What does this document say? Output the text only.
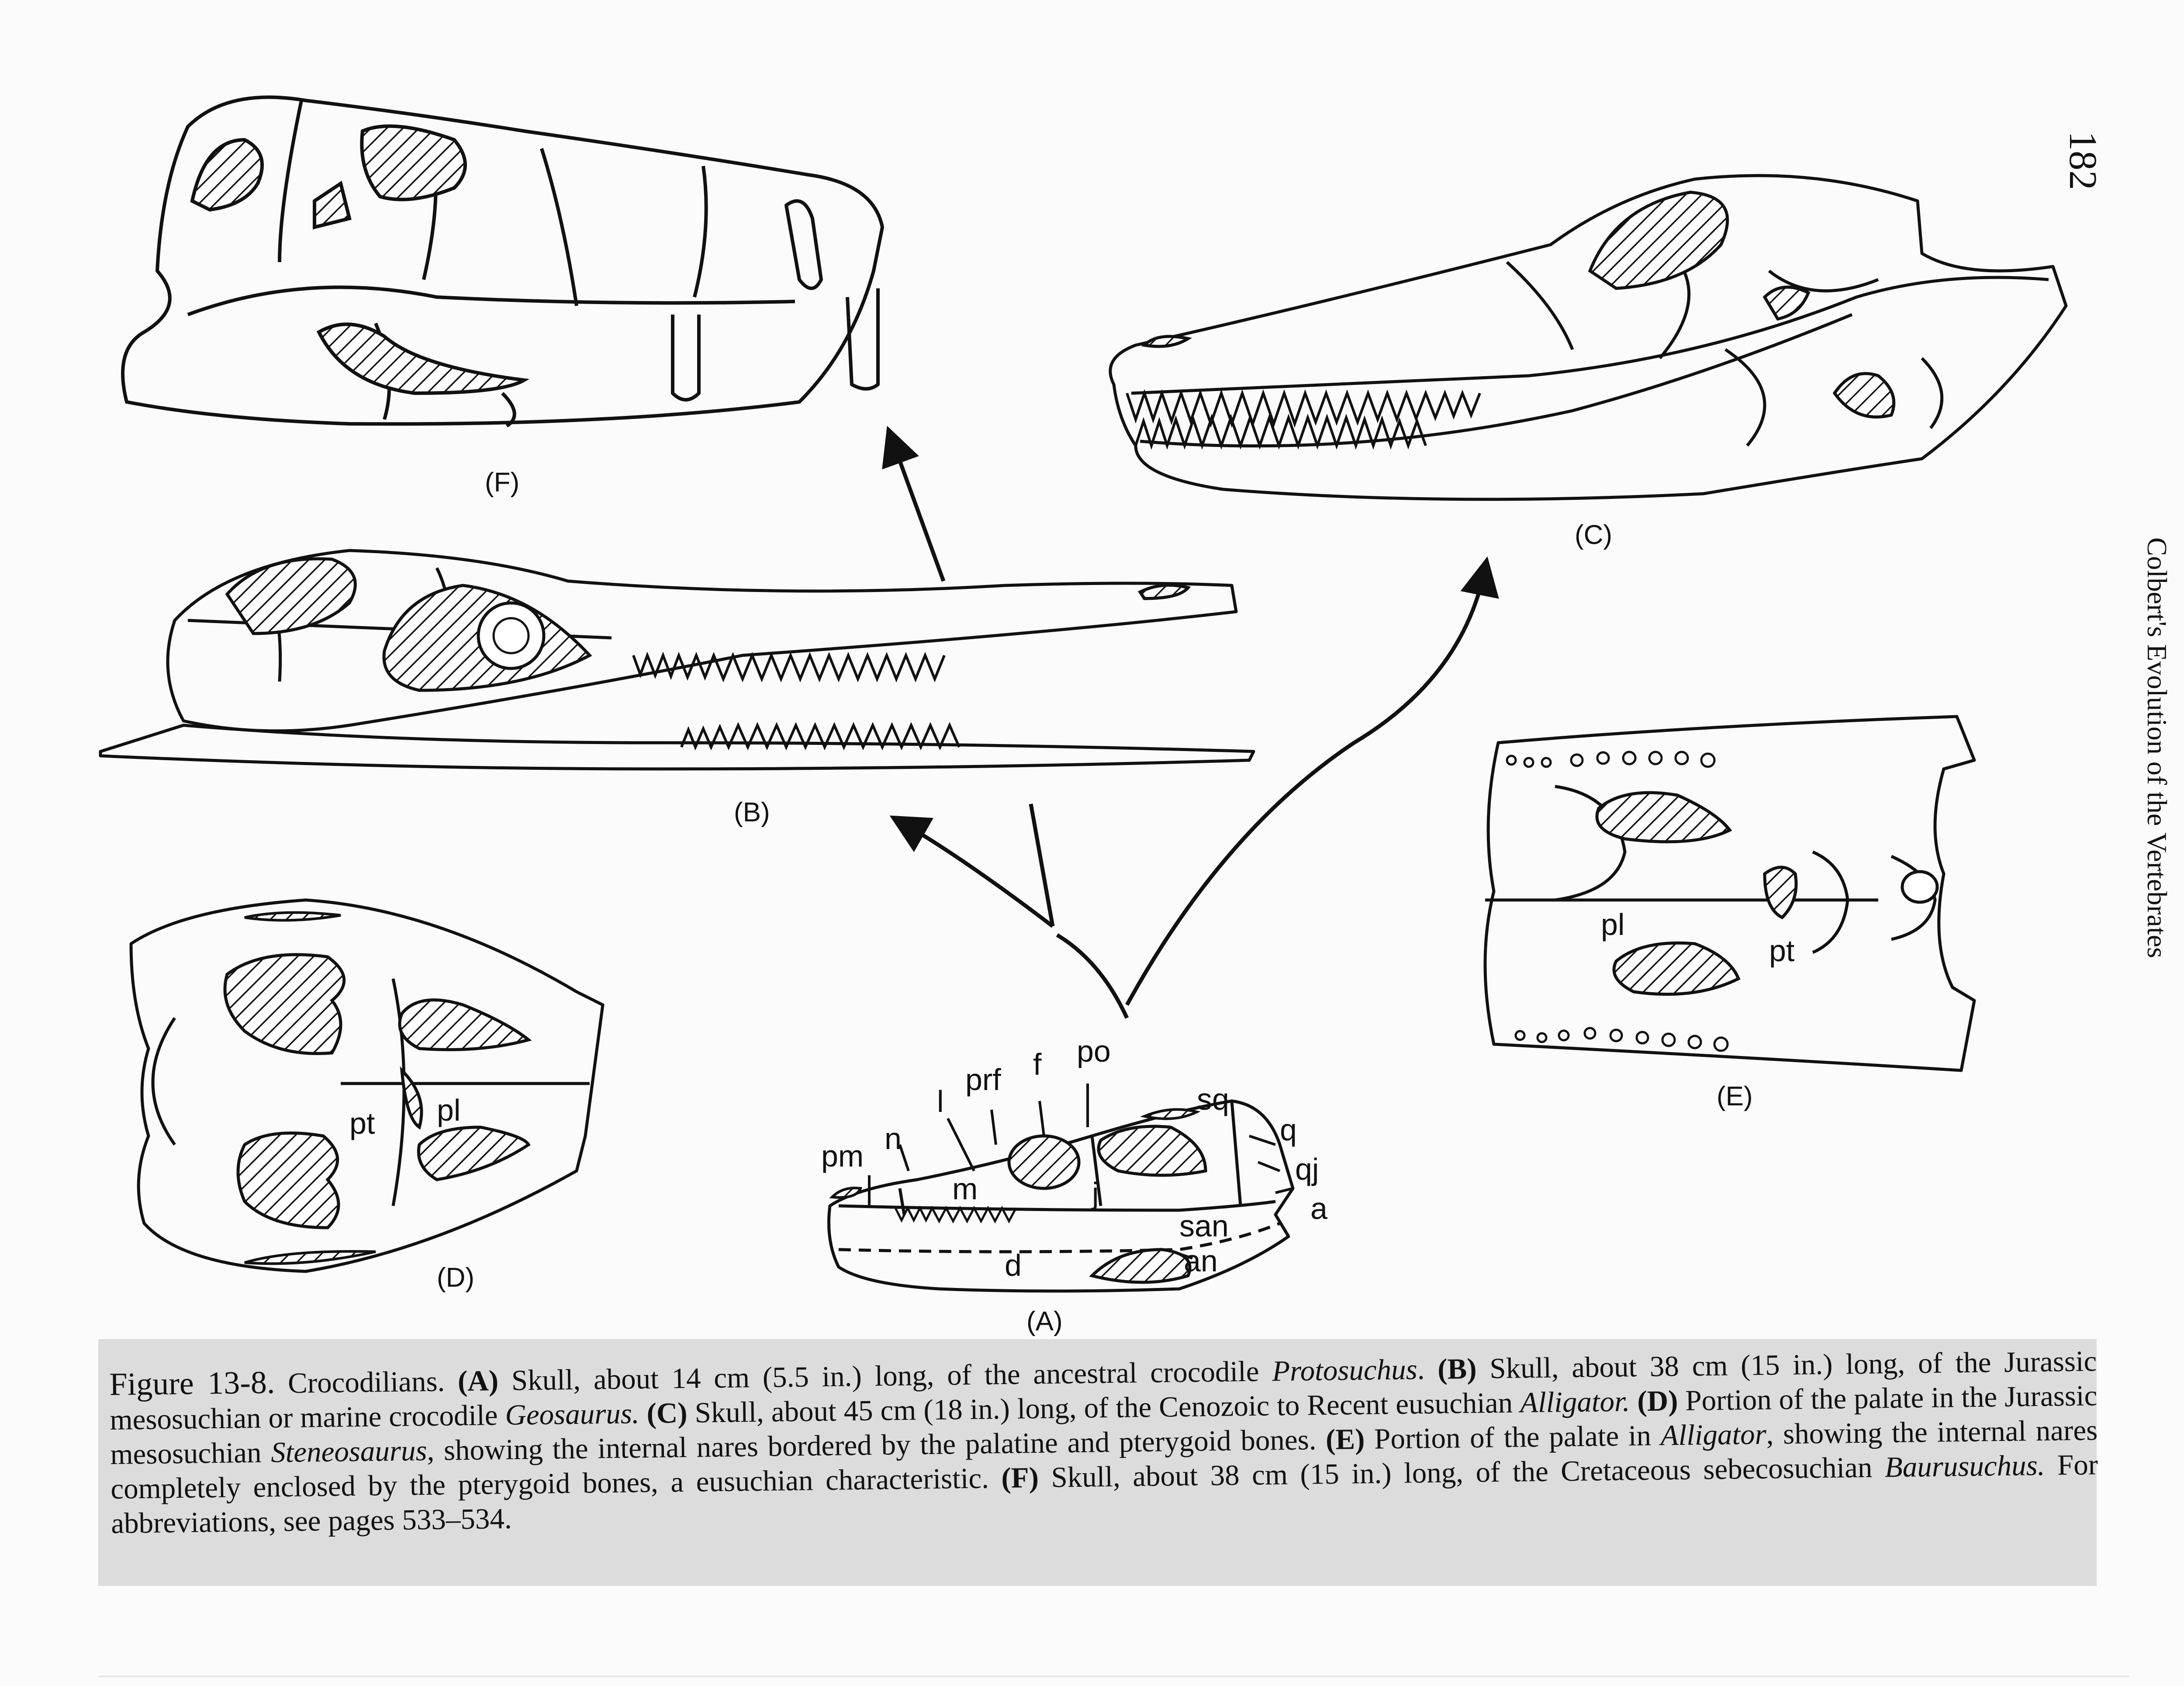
(F)
(C)
(B)
pt pl
(D)
pl
pt
(E)
pm
n
l
prf f po
sq
q
qj
a
m	j
san
an
d
(A)
182
Colbert's Evolution of the Vertebrates
Figure 13-8. Crocodilians. (A) Skull, about 14 cm (5.5 in.) long, of the ancestral crocodile Protosuchus. (B) Skull, about 38 cm (15 in.) long, of the Jurassic mesosuchian or marine crocodile Geosaurus. (C) Skull, about 45 cm (18 in.) long, of the Cenozoic to Recent eusuchian Alligator. (D) Portion of the palate in the Jurassic mesosuchian Steneosaurus, showing the internal nares bordered by the palatine and pterygoid bones. (E) Portion of the palate in Alligator, showing the internal nares completely enclosed by the pterygoid bones, a eusuchian characteristic. (F) Skull, about 38 cm (15 in.) long, of the Cretaceous sebecosuchian Baurusuchus. For abbreviations, see pages 533–534.
